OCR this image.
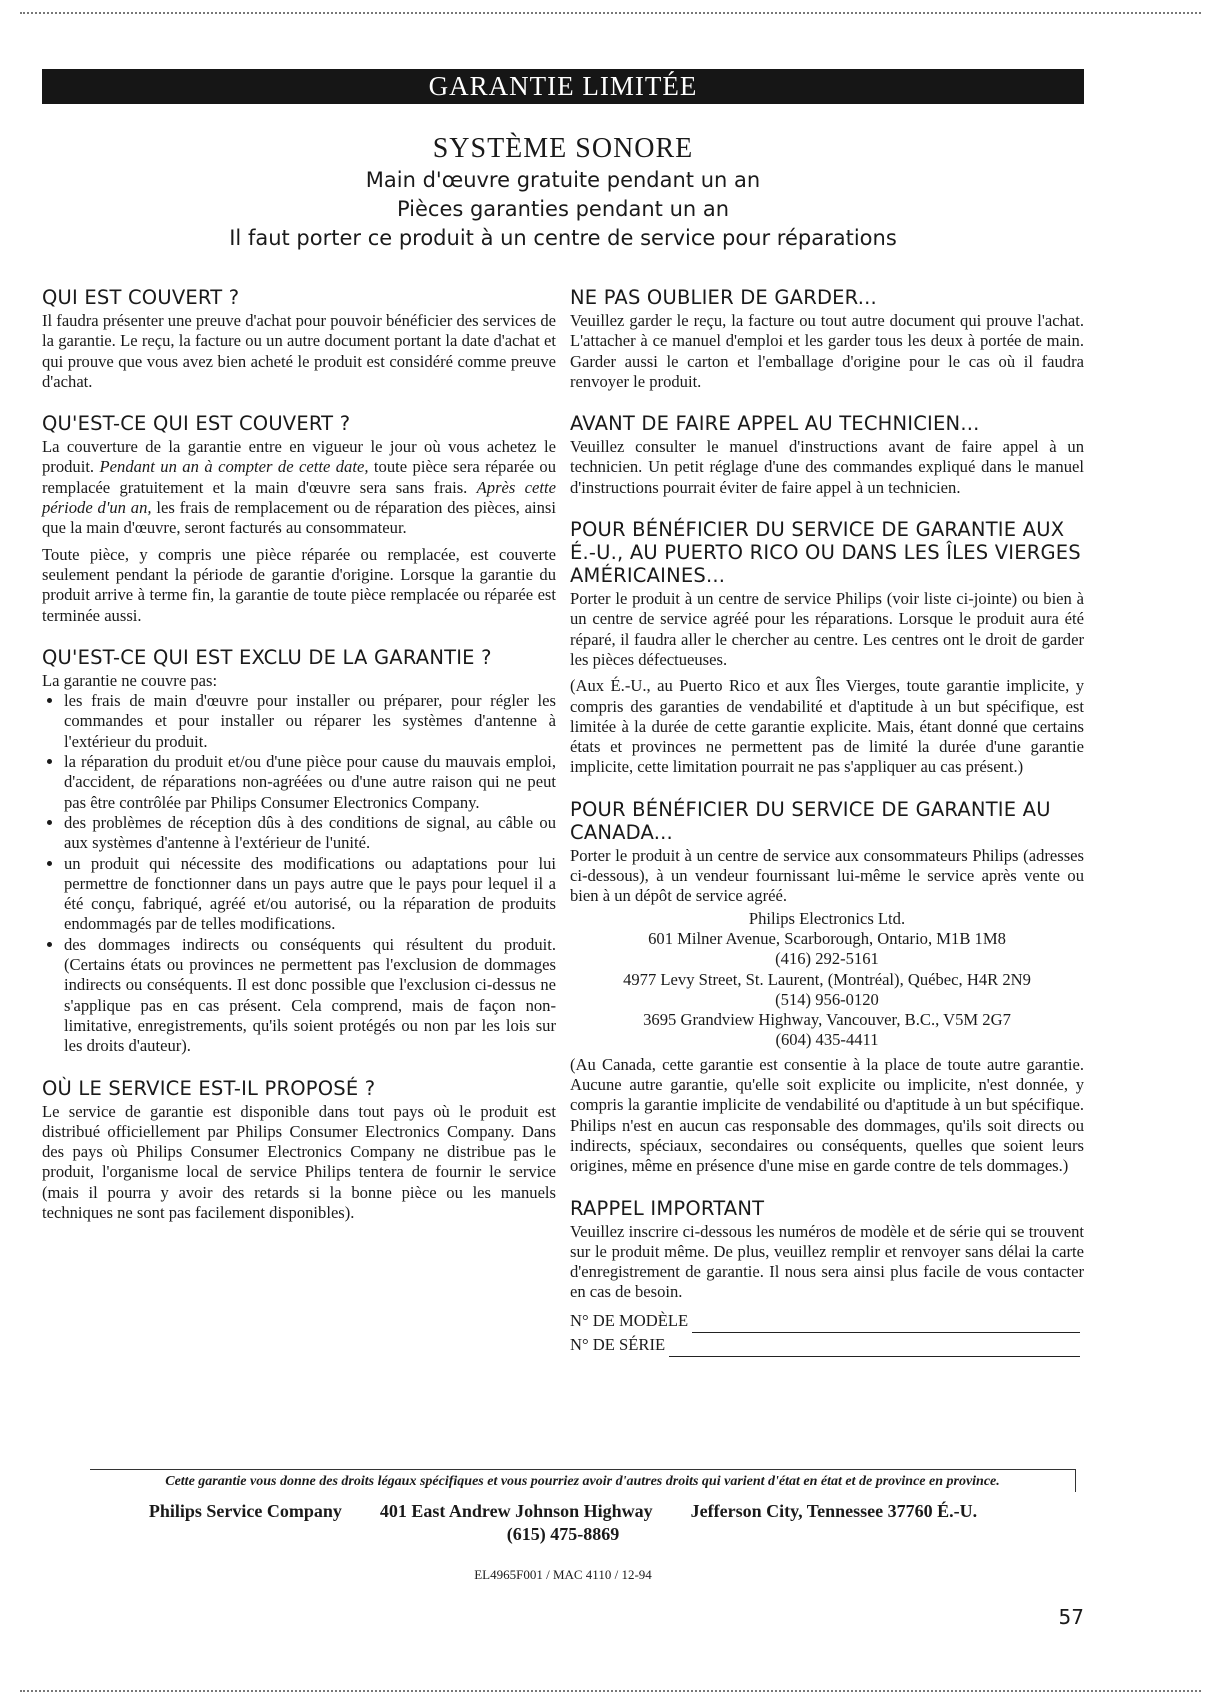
GARANTIE LIMITÉE
SYSTÈME SONORE
Main d'œuvre gratuite pendant un an
Pièces garanties pendant un an
Il faut porter ce produit à un centre de service pour réparations
QUI EST COUVERT ?

Il faudra présenter une preuve d'achat pour pouvoir bénéficier des services de la garantie. Le reçu, la facture ou un autre document portant la date d'achat et qui prouve que vous avez bien acheté le produit est considéré comme preuve d'achat.

QU'EST-CE QUI EST COUVERT ?

La couverture de la garantie entre en vigueur le jour où vous achetez le produit. Pendant un an à compter de cette date, toute pièce sera réparée ou remplacée gratuitement et la main d'œuvre sera sans frais. Après cette période d'un an, les frais de remplacement ou de réparation des pièces, ainsi que la main d'œuvre, seront facturés au consommateur.

Toute pièce, y compris une pièce réparée ou remplacée, est couverte seulement pendant la période de garantie d'origine. Lorsque la garantie du produit arrive à terme fin, la garantie de toute pièce remplacée ou réparée est terminée aussi.

QU'EST-CE QUI EST EXCLU DE LA GARANTIE ?

La garantie ne couvre pas:

• les frais de main d'œuvre pour installer ou préparer, pour régler les commandes et pour installer ou réparer les systèmes d'antenne à l'extérieur du produit.
• la réparation du produit et/ou d'une pièce pour cause du mauvais emploi, d'accident, de réparations non-agréées ou d'une autre raison qui ne peut pas être contrôlée par Philips Consumer Electronics Company.
• des problèmes de réception dûs à des conditions de signal, au câble ou aux systèmes d'antenne à l'extérieur de l'unité.
• un produit qui nécessite des modifications ou adaptations pour lui permettre de fonctionner dans un pays autre que le pays pour lequel il a été conçu, fabriqué, agréé et/ou autorisé, ou la réparation de produits endommagés par de telles modifications.
• des dommages indirects ou conséquents qui résultent du produit. (Certains états ou provinces ne permettent pas l'exclusion de dommages indirects ou conséquents. Il est donc possible que l'exclusion ci-dessus ne s'applique pas en cas présent. Cela comprend, mais de façon non-limitative, enregistrements, qu'ils soient protégés ou non par les lois sur les droits d'auteur).
OÙ LE SERVICE EST-IL PROPOSÉ ?

Le service de garantie est disponible dans tout pays où le produit est distribué officiellement par Philips Consumer Electronics Company. Dans des pays où Philips Consumer Electronics Company ne distribue pas le produit, l'organisme local de service Philips tentera de fournir le service (mais il pourra y avoir des retards si la bonne pièce ou les manuels techniques ne sont pas facilement disponibles).

NE PAS OUBLIER DE GARDER...

Veuillez garder le reçu, la facture ou tout autre document qui prouve l'achat. L'attacher à ce manuel d'emploi et les garder tous les deux à portée de main. Garder aussi le carton et l'emballage d'origine pour le cas où il faudra renvoyer le produit.

AVANT DE FAIRE APPEL AU TECHNICIEN...

Veuillez consulter le manuel d'instructions avant de faire appel à un technicien. Un petit réglage d'une des commandes expliqué dans le manuel d'instructions pourrait éviter de faire appel à un technicien.

POUR BÉNÉFICIER DU SERVICE DE GARANTIE AUX É.-U., AU PUERTO RICO OU DANS LES ÎLES VIERGES AMÉRICAINES...

Porter le produit à un centre de service Philips (voir liste ci-jointe) ou bien à un centre de service agréé pour les réparations. Lorsque le produit aura été réparé, il faudra aller le chercher au centre. Les centres ont le droit de garder les pièces défectueuses.

(Aux É.-U., au Puerto Rico et aux Îles Vierges, toute garantie implicite, y compris des garanties de vendabilité et d'aptitude à un but spécifique, est limitée à la durée de cette garantie explicite. Mais, étant donné que certains états et provinces ne permettent pas de limité la durée d'une garantie implicite, cette limitation pourrait ne pas s'appliquer au cas présent.)

POUR BÉNÉFICIER DU SERVICE DE GARANTIE AU CANADA...

Porter le produit à un centre de service aux consommateurs Philips (adresses ci-dessous), à un vendeur fournissant lui-même le service après vente ou bien à un dépôt de service agréé.

Philips Electronics Ltd.
601 Milner Avenue, Scarborough, Ontario, M1B 1M8
(416) 292-5161
4977 Levy Street, St. Laurent, (Montréal), Québec, H4R 2N9
(514) 956-0120
3695 Grandview Highway, Vancouver, B.C., V5M 2G7
(604) 435-4411

(Au Canada, cette garantie est consentie à la place de toute autre garantie. Aucune autre garantie, qu'elle soit explicite ou implicite, n'est donnée, y compris la garantie implicite de vendabilité ou d'aptitude à un but spécifique. Philips n'est en aucun cas responsable des dommages, qu'ils soit directs ou indirects, spéciaux, secondaires ou conséquents, quelles que soient leurs origines, même en présence d'une mise en garde contre de tels dommages.)

RAPPEL IMPORTANT

Veuillez inscrire ci-dessous les numéros de modèle et de série qui se trouvent sur le produit même. De plus, veuillez remplir et renvoyer sans délai la carte d'enregistrement de garantie. Il nous sera ainsi plus facile de vous contacter en cas de besoin.

N° DE MODÈLE
N° DE SÉRIE
Cette garantie vous donne des droits légaux spécifiques et vous pourriez avoir d'autres droits qui varient d'état en état et de province en province.
Philips Service Company 401 East Andrew Johnson Highway Jefferson City, Tennessee 37760 É.-U.
(615) 475-8869
EL4965F001 / MAC 4110 / 12-94
57
